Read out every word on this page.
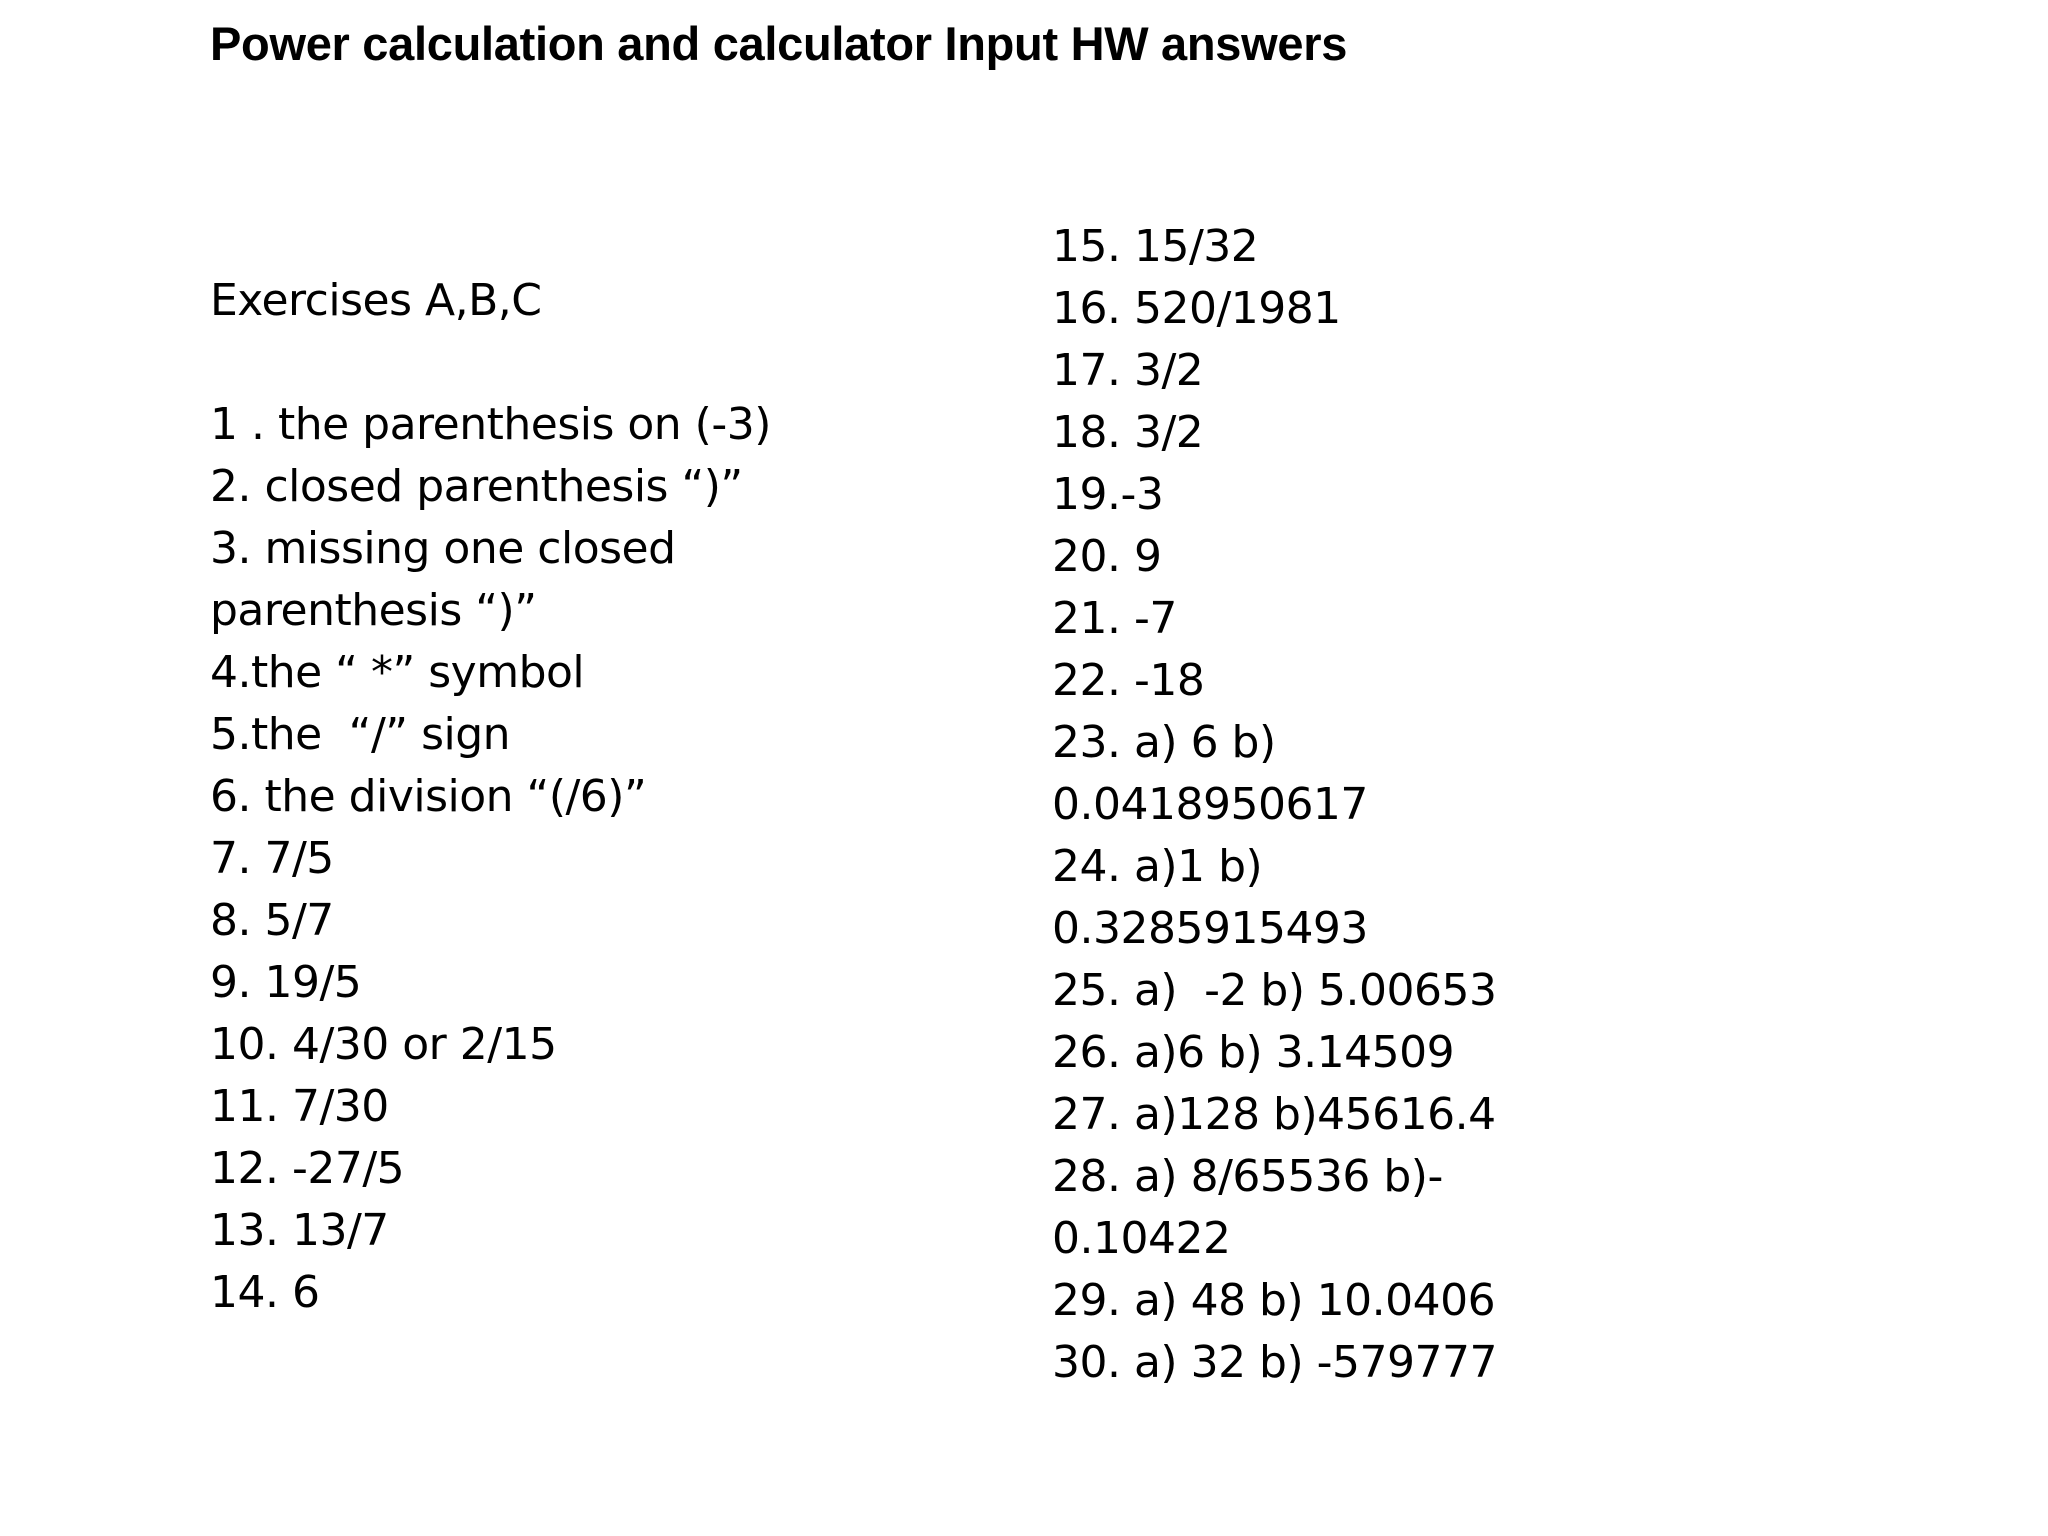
Power calculation and calculator Input HW answers
Exercises A,B,C
1 . the parenthesis on (-3)
2. closed parenthesis “)”
3. missing one closed parenthesis “)”
4.the “ *” symbol
5.the  “/” sign
6. the division “(/6)”
7. 7/5
8. 5/7
9. 19/5
10. 4/30 or 2/15
11. 7/30
12. -27/5
13. 13/7
14. 6
15. 15/32
16. 520/1981
17. 3/2
18. 3/2
19.-3
20. 9
21. -7
22. -18
23. a) 6 b) 0.0418950617
24. a)1 b) 0.3285915493
25. a)  -2 b) 5.00653
26. a)6 b) 3.14509
27. a)128 b)45616.4
28. a) 8/65536 b)- 0.10422
29. a) 48 b) 10.0406
30. a) 32 b) -579777
